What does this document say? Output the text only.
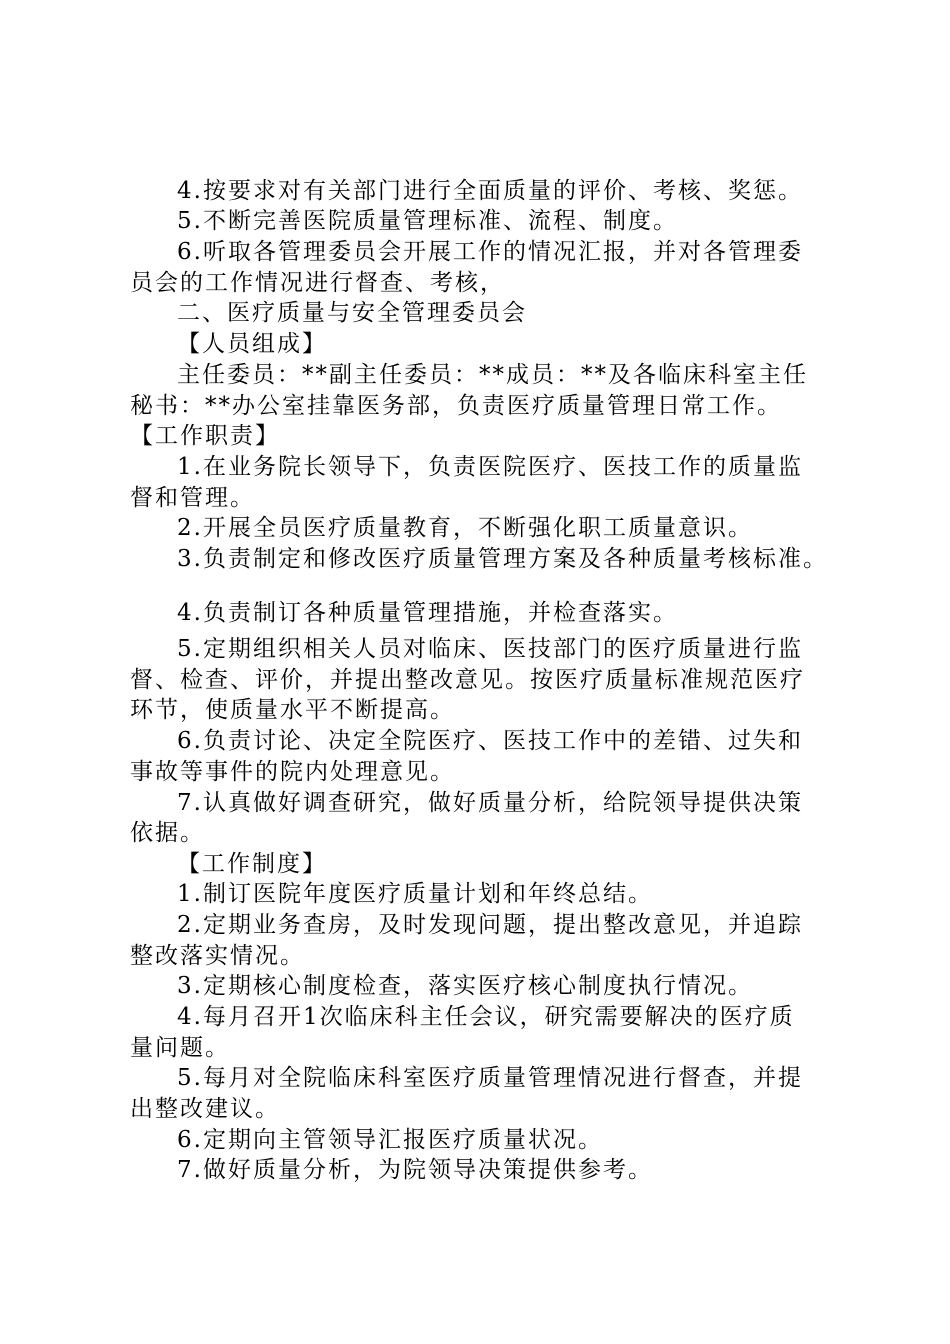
4.按要求对有关部门进行全面质量的评价、考核、奖惩。
5.不断完善医院质量管理标准、流程、制度。
6.听取各管理委员会开展工作的情况汇报，并对各管理委
员会的工作情况进行督查、考核，
二、医疗质量与安全管理委员会
【人员组成】
主任委员：**副主任委员：**成员：**及各临床科室主任
秘书：**办公室挂靠医务部，负责医疗质量管理日常工作。
【工作职责】
1.在业务院长领导下，负责医院医疗、医技工作的质量监
督和管理。
2.开展全员医疗质量教育，不断强化职工质量意识。
3.负责制定和修改医疗质量管理方案及各种质量考核标准。
4.负责制订各种质量管理措施，并检查落实。
5.定期组织相关人员对临床、医技部门的医疗质量进行监
督、检查、评价，并提出整改意见。按医疗质量标准规范医疗
环节，使质量水平不断提高。
6.负责讨论、决定全院医疗、医技工作中的差错、过失和
事故等事件的院内处理意见。
7.认真做好调查研究，做好质量分析，给院领导提供决策
依据。
【工作制度】
1.制订医院年度医疗质量计划和年终总结。
2.定期业务查房，及时发现问题，提出整改意见，并追踪
整改落实情况。
3.定期核心制度检查，落实医疗核心制度执行情况。
4.每月召开1次临床科主任会议，研究需要解决的医疗质
量问题。
5.每月对全院临床科室医疗质量管理情况进行督查，并提
出整改建议。
6.定期向主管领导汇报医疗质量状况。
7.做好质量分析，为院领导决策提供参考。
